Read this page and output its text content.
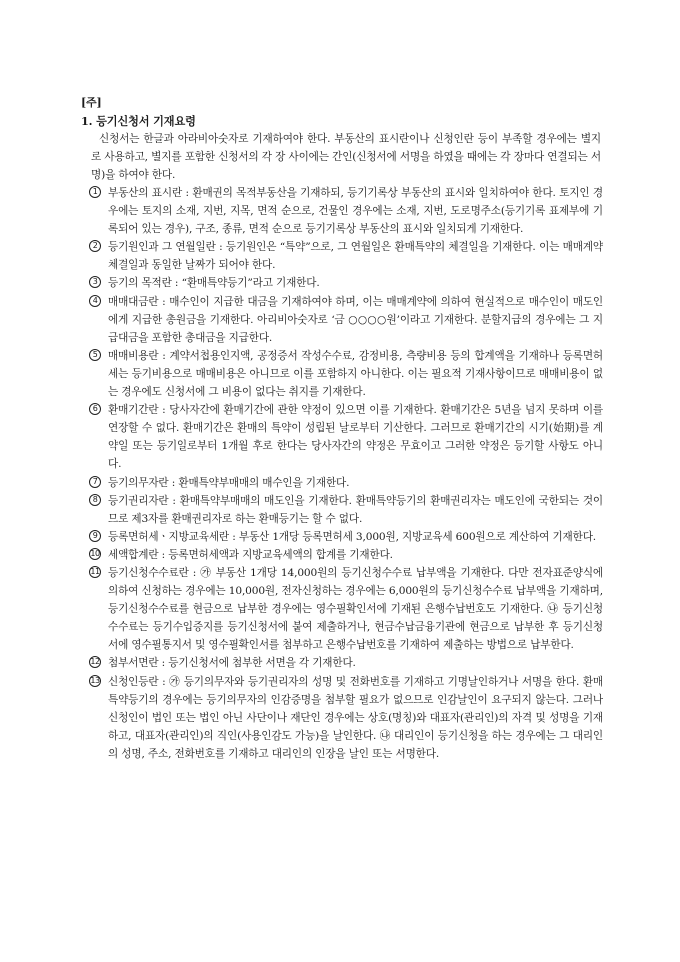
[주]
1. 등기신청서 기재요령
신청서는 한글과 아라비아숫자로 기재하여야 한다. 부동산의 표시란이나 신청인란 등이 부족할 경우에는 별지로 사용하고, 별지를 포함한 신청서의 각 장 사이에는 간인(신청서에 서명을 하였을 때에는 각 장마다 연결되는 서명)을 하여야 한다.
1	부동산의 표시란 : 환매권의 목적부동산을 기재하되, 등기기록상 부동산의 표시와 일치하여야 한다. 토지인 경우에는 토지의 소재, 지번, 지목, 면적 순으로, 건물인 경우에는 소재, 지번, 도로명주소(등기기록 표제부에 기록되어 있는 경우), 구조, 종류, 면적 순으로 등기기록상 부동산의 표시와 일치되게 기재한다.
2	등기원인과 그 연월일란 : 등기원인은 “특약”으로, 그 연월일은 환매특약의 체결일을 기재한다. 이는 매매계약체결일과 동일한 날짜가 되어야 한다.
3	등기의 목적란 : “환매특약등기”라고 기재한다.
4	매매대금란 : 매수인이 지급한 대금을 기재하여야 하며, 이는 매매계약에 의하여 현실적으로 매수인이 매도인에게 지급한 총원금을 기재한다. 아리비아숫자로 ‘금 ○○○○원’이라고 기재한다. 분할지급의 경우에는 그 지급대금을 포함한 총대금을 지급한다.
5	매매비용란 : 계약서첩용인지액, 공정증서 작성수수료, 감정비용, 측량비용 등의 합계액을 기재하나 등록면허세는 등기비용으로 매매비용은 아니므로 이를 포함하지 아니한다. 이는 필요적 기재사항이므로 매매비용이 없는 경우에도 신청서에 그 비용이 없다는 취지를 기재한다.
6	환매기간란 : 당사자간에 환매기간에 관한 약정이 있으면 이를 기재한다. 환매기간은 5년을 넘지 못하며 이를 연장할 수 없다. 환매기간은 환매의 특약이 성립된 날로부터 기산한다. 그러므로 환매기간의 시기(始期)를 계약일 또는 등기일로부터 1개월 후로 한다는 당사자간의 약정은 무효이고 그러한 약정은 등기할 사항도 아니다.
7	등기의무자란 : 환매특약부매매의 매수인을 기재한다.
8	등기권리자란 : 환매특약부매매의 매도인을 기재한다. 환매특약등기의 환매권리자는 매도인에 국한되는 것이므로 제3자를 환매권리자로 하는 환매등기는 할 수 없다.
9	등록면허세ㆍ지방교육세란 : 부동산 1개당 등록면허세 3,000원, 지방교육세 600원으로 계산하여 기재한다.
10 세액합계란 : 등록면허세액과 지방교육세액의 합계를 기재한다.
11 등기신청수수료란 : ㉮ 부동산 1개당 14,000원의 등기신청수수료 납부액을 기재한다. 다만 전자표준양식에 의하여 신청하는 경우에는 10,000원, 전자신청하는 경우에는 6,000원의 등기신청수수료 납부액을 기재하며, 등기신청수수료를 현금으로 납부한 경우에는 영수필확인서에 기재된 은행수납번호도 기재한다. ㉯ 등기신청수수료는 등기수입증지를 등기신청서에 붙여 제출하거나, 현금수납금융기관에 현금으로 납부한 후 등기신청서에 영수필통지서 및 영수필확인서를 첨부하고 은행수납번호를 기재하여 제출하는 방법으로 납부한다.
12 첨부서면란 : 등기신청서에 첨부한 서면을 각 기재한다.
13 신청인등란 : ㉮ 등기의무자와 등기권리자의 성명 및 전화번호를 기재하고 기명날인하거나 서명을 한다. 환매특약등기의 경우에는 등기의무자의 인감증명을 첨부할 필요가 없으므로 인감날인이 요구되지 않는다. 그러나 신청인이 법인 또는 법인 아닌 사단이나 재단인 경우에는 상호(명칭)와 대표자(관리인)의 자격 및 성명을 기재하고, 대표자(관리인)의 직인(사용인감도 가능)을 날인한다. ㉯ 대리인이 등기신청을 하는 경우에는 그 대리인의 성명, 주소, 전화번호를 기재하고 대리인의 인장을 날인 또는 서명한다.
